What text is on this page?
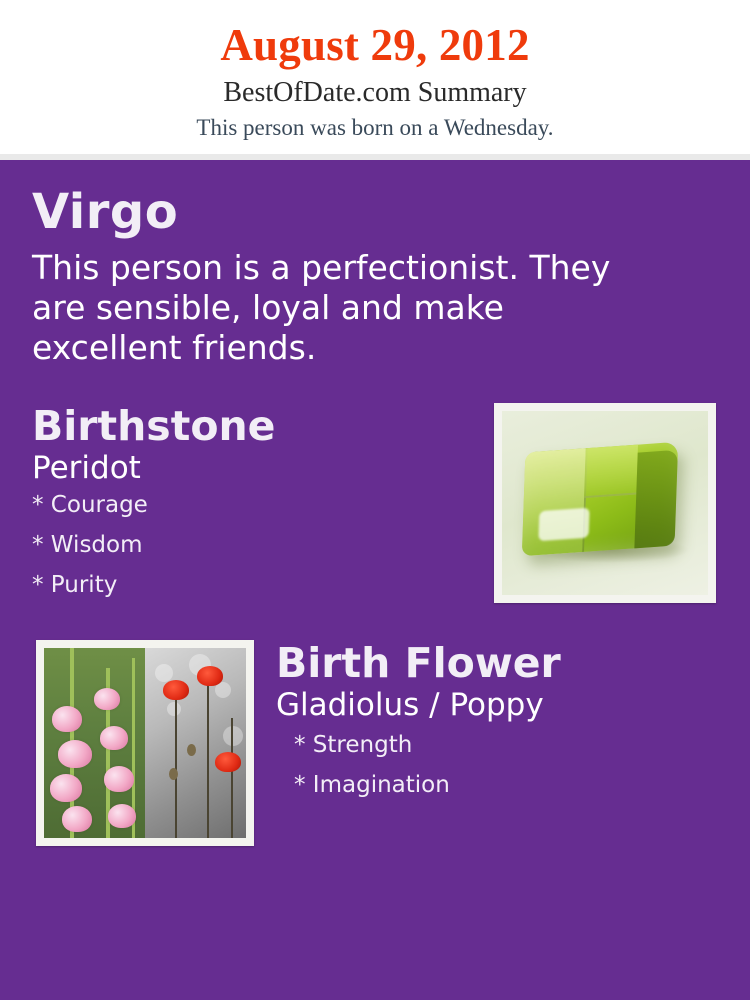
August 29, 2012
BestOfDate.com Summary
This person was born on a Wednesday.
Virgo
This person is a perfectionist. They are sensible, loyal and make excellent friends.
Birthstone
Peridot
* Courage
* Wisdom
* Purity
Birth Flower
Gladiolus / Poppy
* Strength
* Imagination
